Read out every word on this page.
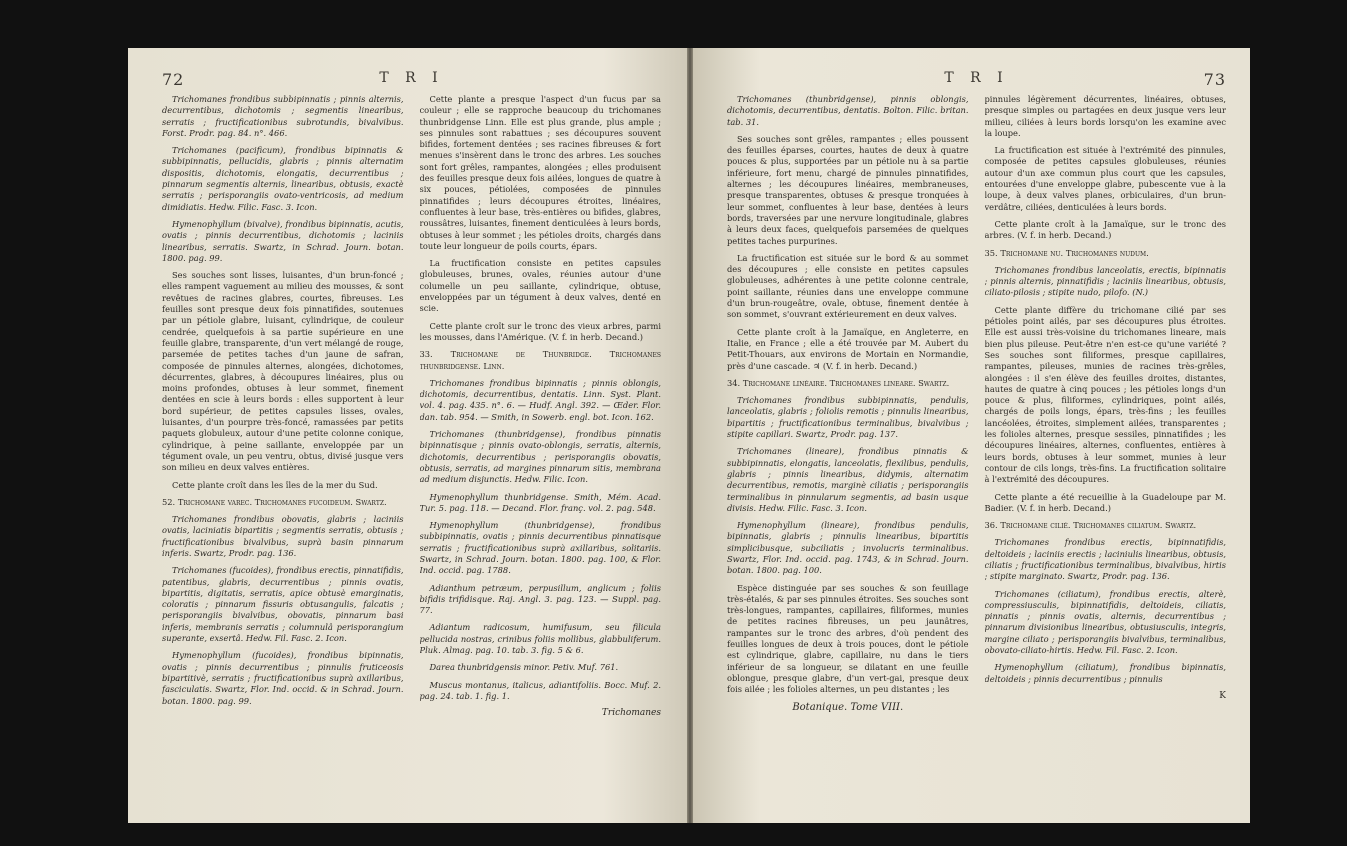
72	T R I

Trichomanes frondibus subbipinnatis ; pinnis alternis, decurrentibus, dichotomis ; segmentis linearibus, serratis ; fructificationibus subrotundis, bivalvibus. Forst. Prodr. pag. 84. n°. 466.

Trichomanes (pacificum), frondibus bipinnatis & subbipinnatis, pellucidis, glabris ; pinnis alternatim dispositis, dichotomis, elongatis, decurrentibus ; pinnarum segmentis alternis, linearibus, obtusis, exactè serratis ; perisporangiis ovato-ventricosis, ad medium dimidiatis. Hedw. Filic. Fasc. 3. Icon.

Hymenophyllum (bivalve), frondibus bipinnatis, acutis, ovatis ; pinnis decurrentibus, dichotomis ; laciniis linearibus, serratis. Swartz, in Schrad. Journ. botan. 1800. pag. 99.

Ses souches sont lisses, luisantes, d'un brun-foncé ; elles rampent vaguement au milieu des mousses, & sont revêtues de racines glabres, courtes, fibreuses. Les feuilles sont presque deux fois pinnatifides, soutenues par un pétiole glabre, luisant, cylindrique, de couleur cendrée, quelquefois à sa partie supérieure en une feuille glabre, transparente, d'un vert mélangé de rouge, parsemée de petites taches d'un jaune de safran, composée de pinnules alternes, alongées, dichotomes, décurrentes, glabres, à découpures linéaires, plus ou moins profondes, obtuses à leur sommet, finement dentées en scie à leurs bords : elles supportent à leur bord supérieur, de petites capsules lisses, ovales, luisantes, d'un pourpre très-foncé, ramassées par petits paquets globuleux, autour d'une petite colonne conique, cylindrique, à peine saillante, enveloppée par un tégument ovale, un peu ventru, obtus, divisé jusque vers son milieu en deux valves entières.

Cette plante croît dans les îles de la mer du Sud.

52. Trichomane varec. Trichomanes fucoideum. Swartz.

Trichomanes frondibus obovatis, glabris ; laciniis ovatis, laciniatis bipartitis ; segmentis serratis, obtusis ; fructificationibus bivalvibus, suprà basin pinnarum inferis. Swartz, Prodr. pag. 136.

Trichomanes (fucoides), frondibus erectis, pinnatifidis, patentibus, glabris, decurrentibus ; pinnis ovatis, bipartitis, digitatis, serratis, apice obtusè emarginatis, coloratis ; pinnarum fissuris obtusangulis, falcatis ; perisporangiis bivalvibus, obovatis, pinnarum basi inferis, membranis serratis ; columnulâ perisporangium superante, exsertâ. Hedw. Fil. Fasc. 2. Icon.

Hymenophyllum (fucoides), frondibus bipinnatis, ovatis ; pinnis decurrentibus ; pinnulis fruticeosis bipartitivè, serratis ; fructificationibus suprà axillaribus, fasciculatis. Swartz, Flor. Ind. occid. & in Schrad. Journ. botan. 1800. pag. 99.

Cette plante a presque l'aspect d'un fucus par sa couleur ; elle se rapproche beaucoup du trichomanes thunbridgense Linn. Elle est plus grande, plus ample ; ses pinnules sont rabattues ; ses découpures souvent bifides, fortement dentées ; ses racines fibreuses & fort menues s'insèrent dans le tronc des arbres. Les souches sont fort grêles, rampantes, alongées ; elles produisent des feuilles presque deux fois ailées, longues de quatre à six pouces, pétiolées, composées de pinnules pinnatifides ; leurs découpures étroites, linéaires, confluentes à leur base, très-entières ou bifides, glabres, roussâtres, luisantes, finement denticulées à leurs bords, obtuses à leur sommet ; les pétioles droits, chargés dans toute leur longueur de poils courts, épars.

La fructification consiste en petites capsules globuleuses, brunes, ovales, réunies autour d'une columelle un peu saillante, cylindrique, obtuse, enveloppées par un tégument à deux valves, denté en scie.

Cette plante croît sur le tronc des vieux arbres, parmi les mousses, dans l'Amérique. (V. f. in herb. Decand.)

33. Trichomane de Thunbridge. Trichomanes thunbridgense. Linn.

Trichomanes frondibus bipinnatis ; pinnis oblongis, dichotomis, decurrentibus, dentatis. Linn. Syst. Plant. vol. 4. pag. 435. n°. 6. — Hudf. Angl. 392. — Œder. Flor. dan. tab. 954. — Smith, in Sowerb. engl. bot. Icon. 162.

Trichomanes (thunbridgense), frondibus pinnatis bipinnatisque ; pinnis ovato-oblongis, serratis, alternis, dichotomis, decurrentibus ; perisporangiis obovatis, obtusis, serratis, ad margines pinnarum sitis, membrana ad medium disjunctis. Hedw. Filic. Icon.

Hymenophyllum thunbridgense. Smith, Mém. Acad. Tur. 5. pag. 118. — Decand. Flor. franç. vol. 2. pag. 548.

Hymenophyllum (thunbridgense), frondibus subbipinnatis, ovatis ; pinnis decurrentibus pinnatisque serratis ; fructificationibus suprà axillaribus, solitariis. Swartz, in Schrad. Journ. botan. 1800. pag. 100, & Flor. Ind. occid. pag. 1788.

Adianthum petræum, perpusillum, anglicum ; foliis bifidis trifidisque. Raj. Angl. 3. pag. 123. — Suppl. pag. 77.

Adiantum radicosum, humifusum, seu filicula pellucida nostras, crinibus foliis mollibus, glabbuliferum. Pluk. Almag. pag. 10. tab. 3. fig. 5 & 6.

Darea thunbridgensis minor. Petiv. Muf. 761.

Muscus montanus, italicus, adiantifoliis. Bocc. Muf. 2. pag. 24. tab. 1. fig. 1.

Trichomanes
T R I	73

Trichomanes (thunbridgense), pinnis oblongis, dichotomis, decurrentibus, dentatis. Bolton. Filic. britan. tab. 31.

Ses souches sont grêles, rampantes ; elles poussent des feuilles éparses, courtes, hautes de deux à quatre pouces & plus, supportées par un pétiole nu à sa partie inférieure, fort menu, chargé de pinnules pinnatifides, alternes ; les découpures linéaires, membraneuses, presque transparentes, obtuses & presque tronquées à leur sommet, confluentes à leur base, dentées à leurs bords, traversées par une nervure longitudinale, glabres à leurs deux faces, quelquefois parsemées de quelques petites taches purpurines.

La fructification est située sur le bord & au sommet des découpures ; elle consiste en petites capsules globuleuses, adhérentes à une petite colonne centrale, point saillante, réunies dans une enveloppe commune d'un brun-rougeâtre, ovale, obtuse, finement dentée à son sommet, s'ouvrant extérieurement en deux valves.

Cette plante croît à la Jamaïque, en Angleterre, en Italie, en France ; elle a été trouvée par M. Aubert du Petit-Thouars, aux environs de Mortain en Normandie, près d'une cascade. ♃ (V. f. in herb. Decand.)

34. Trichomane linéaire. Trichomanes lineare. Swartz.

Trichomanes frondibus subbipinnatis, pendulis, lanceolatis, glabris ; foliolis remotis ; pinnulis linearibus, bipartitis ; fructificationibus terminalibus, bivalvibus ; stipite capillari. Swartz, Prodr. pag. 137.

Trichomanes (lineare), frondibus pinnatis & subbipinnatis, elongatis, lanceolatis, flexilibus, pendulis, glabris ; pinnis linearibus, didymis, alternatim decurrentibus, remotis, marginè ciliatis ; perisporangiis terminalibus in pinnularum segmentis, ad basin usque divisis. Hedw. Filic. Fasc. 3. Icon.

Hymenophyllum (lineare), frondibus pendulis, bipinnatis, glabris ; pinnulis linearibus, bipartitis simplicibusque, subciliatis ; involucris terminalibus. Swartz, Flor. Ind. occid. pag. 1743, & in Schrad. Journ. botan. 1800. pag. 100.

Espèce distinguée par ses souches & son feuillage très-étalés, & par ses pinnules étroites. Ses souches sont très-longues, rampantes, capillaires, filiformes, munies de petites racines fibreuses, un peu jaunâtres, rampantes sur le tronc des arbres, d'où pendent des feuilles longues de deux à trois pouces, dont le pétiole est cylindrique, glabre, capillaire, nu dans le tiers inférieur de sa longueur, se dilatant en une feuille oblongue, presque glabre, d'un vert-gai, presque deux fois ailée ; les folioles alternes, un peu distantes ; les

Botanique. Tome VIII.

pinnules légèrement décurrentes, linéaires, obtuses, presque simples ou partagées en deux jusque vers leur milieu, ciliées à leurs bords lorsqu'on les examine avec la loupe.

La fructification est située à l'extrémité des pinnules, composée de petites capsules globuleuses, réunies autour d'un axe commun plus court que les capsules, entourées d'une enveloppe glabre, pubescente vue à la loupe, à deux valves planes, orbiculaires, d'un brun-verdâtre, ciliées, denticulées à leurs bords.

Cette plante croît à la Jamaïque, sur le tronc des arbres. (V. f. in herb. Decand.)

35. Trichomane nu. Trichomanes nudum.

Trichomanes frondibus lanceolatis, erectis, bipinnatis ; pinnis alternis, pinnatifidis ; laciniis linearibus, obtusis, ciliato-pilosis ; stipite nudo, pilofo. (N.)

Cette plante diffère du trichomane cilié par ses pétioles point ailés, par ses découpures plus étroites. Elle est aussi très-voisine du trichomanes lineare, mais bien plus pileuse. Peut-être n'en est-ce qu'une variété ? Ses souches sont filiformes, presque capillaires, rampantes, pileuses, munies de racines très-grêles, alongées : il s'en élève des feuilles droites, distantes, hautes de quatre à cinq pouces ; les pétioles longs d'un pouce & plus, filiformes, cylindriques, point ailés, chargés de poils longs, épars, très-fins ; les feuilles lancéolées, étroites, simplement ailées, transparentes ; les folioles alternes, presque sessiles, pinnatifides ; les découpures linéaires, alternes, confluentes, entières à leurs bords, obtuses à leur sommet, munies à leur contour de cils longs, très-fins. La fructification solitaire à l'extrémité des découpures.

Cette plante a été recueillie à la Guadeloupe par M. Badier. (V. f. in herb. Decand.)

36. Trichomane cilié. Trichomanes ciliatum. Swartz.

Trichomanes frondibus erectis, bipinnatifidis, deltoideis ; laciniis erectis ; laciniulis linearibus, obtusis, ciliatis ; fructificationibus terminalibus, bivalvibus, hirtis ; stipite marginato. Swartz, Prodr. pag. 136.

Trichomanes (ciliatum), frondibus erectis, alterè, compressiusculis, bipinnatifidis, deltoideis, ciliatis, pinnatis ; pinnis ovatis, alternis, decurrentibus ; pinnarum divisionibus linearibus, obtusiusculis, integris, margine ciliato ; perisporangiis bivalvibus, terminalibus, obovato-ciliato-hirtis. Hedw. Fil. Fasc. 2. Icon.

Hymenophyllum (ciliatum), frondibus bipinnatis, deltoideis ; pinnis decurrentibus ; pinnulis

K
